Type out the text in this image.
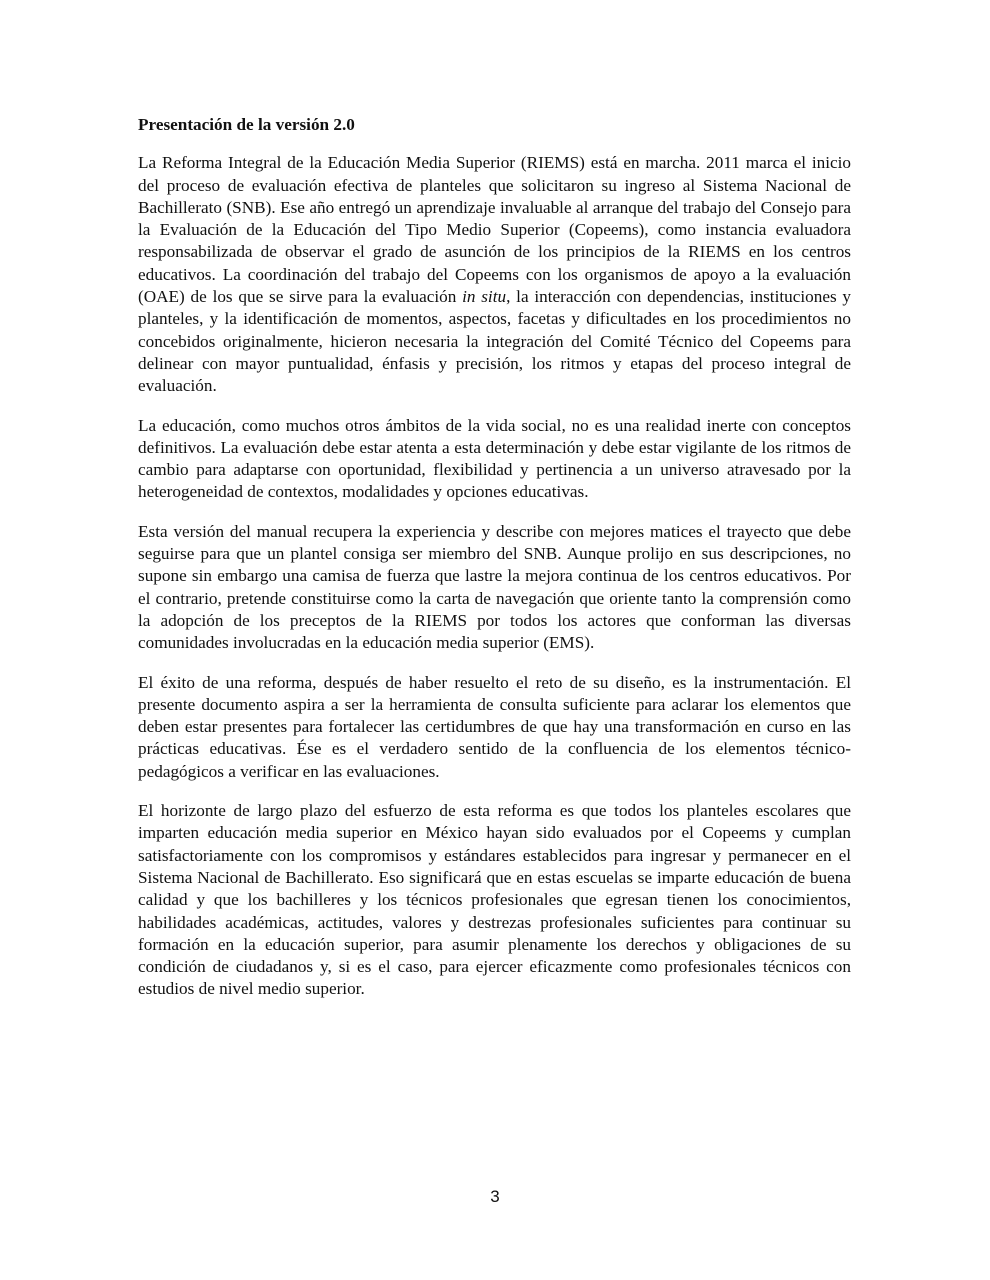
Presentación de la versión 2.0

La Reforma Integral de la Educación Media Superior (RIEMS) está en marcha. 2011 marca el inicio del proceso de evaluación efectiva de planteles que solicitaron su ingreso al Sistema Nacional de Bachillerato (SNB). Ese año entregó un aprendizaje invaluable al arranque del trabajo del Consejo para la Evaluación de la Educación del Tipo Medio Superior (Copeems), como instancia evaluadora responsabilizada de observar el grado de asunción de los principios de la RIEMS en los centros educativos. La coordinación del trabajo del Copeems con los organismos de apoyo a la evaluación (OAE) de los que se sirve para la evaluación in situ, la interacción con dependencias, instituciones y planteles, y la identificación de momentos, aspectos, facetas y dificultades en los procedimientos no concebidos originalmente, hicieron necesaria la integración del Comité Técnico del Copeems para delinear con mayor puntualidad, énfasis y precisión, los ritmos y etapas del proceso integral de evaluación.

La educación, como muchos otros ámbitos de la vida social, no es una realidad inerte con conceptos definitivos. La evaluación debe estar atenta a esta determinación y debe estar vigilante de los ritmos de cambio para adaptarse con oportunidad, flexibilidad y pertinencia a un universo atravesado por la heterogeneidad de contextos, modalidades y opciones educativas.

Esta versión del manual recupera la experiencia y describe con mejores matices el trayecto que debe seguirse para que un plantel consiga ser miembro del SNB. Aunque prolijo en sus descripciones, no supone sin embargo una camisa de fuerza que lastre la mejora continua de los centros educativos. Por el contrario, pretende constituirse como la carta de navegación que oriente tanto la comprensión como la adopción de los preceptos de la RIEMS por todos los actores que conforman las diversas comunidades involucradas en la educación media superior (EMS).

El éxito de una reforma, después de haber resuelto el reto de su diseño, es la instrumentación. El presente documento aspira a ser la herramienta de consulta suficiente para aclarar los elementos que deben estar presentes para fortalecer las certidumbres de que hay una transformación en curso en las prácticas educativas. Ése es el verdadero sentido de la confluencia de los elementos técnico-pedagógicos a verificar en las evaluaciones.

El horizonte de largo plazo del esfuerzo de esta reforma es que todos los planteles escolares que imparten educación media superior en México hayan sido evaluados por el Copeems y cumplan satisfactoriamente con los compromisos y estándares establecidos para ingresar y permanecer en el Sistema Nacional de Bachillerato. Eso significará que en estas escuelas se imparte educación de buena calidad y que los bachilleres y los técnicos profesionales que egresan tienen los conocimientos, habilidades académicas, actitudes, valores y destrezas profesionales suficientes para continuar su formación en la educación superior, para asumir plenamente los derechos y obligaciones de su condición de ciudadanos y, si es el caso, para ejercer eficazmente como profesionales técnicos con estudios de nivel medio superior.

3
